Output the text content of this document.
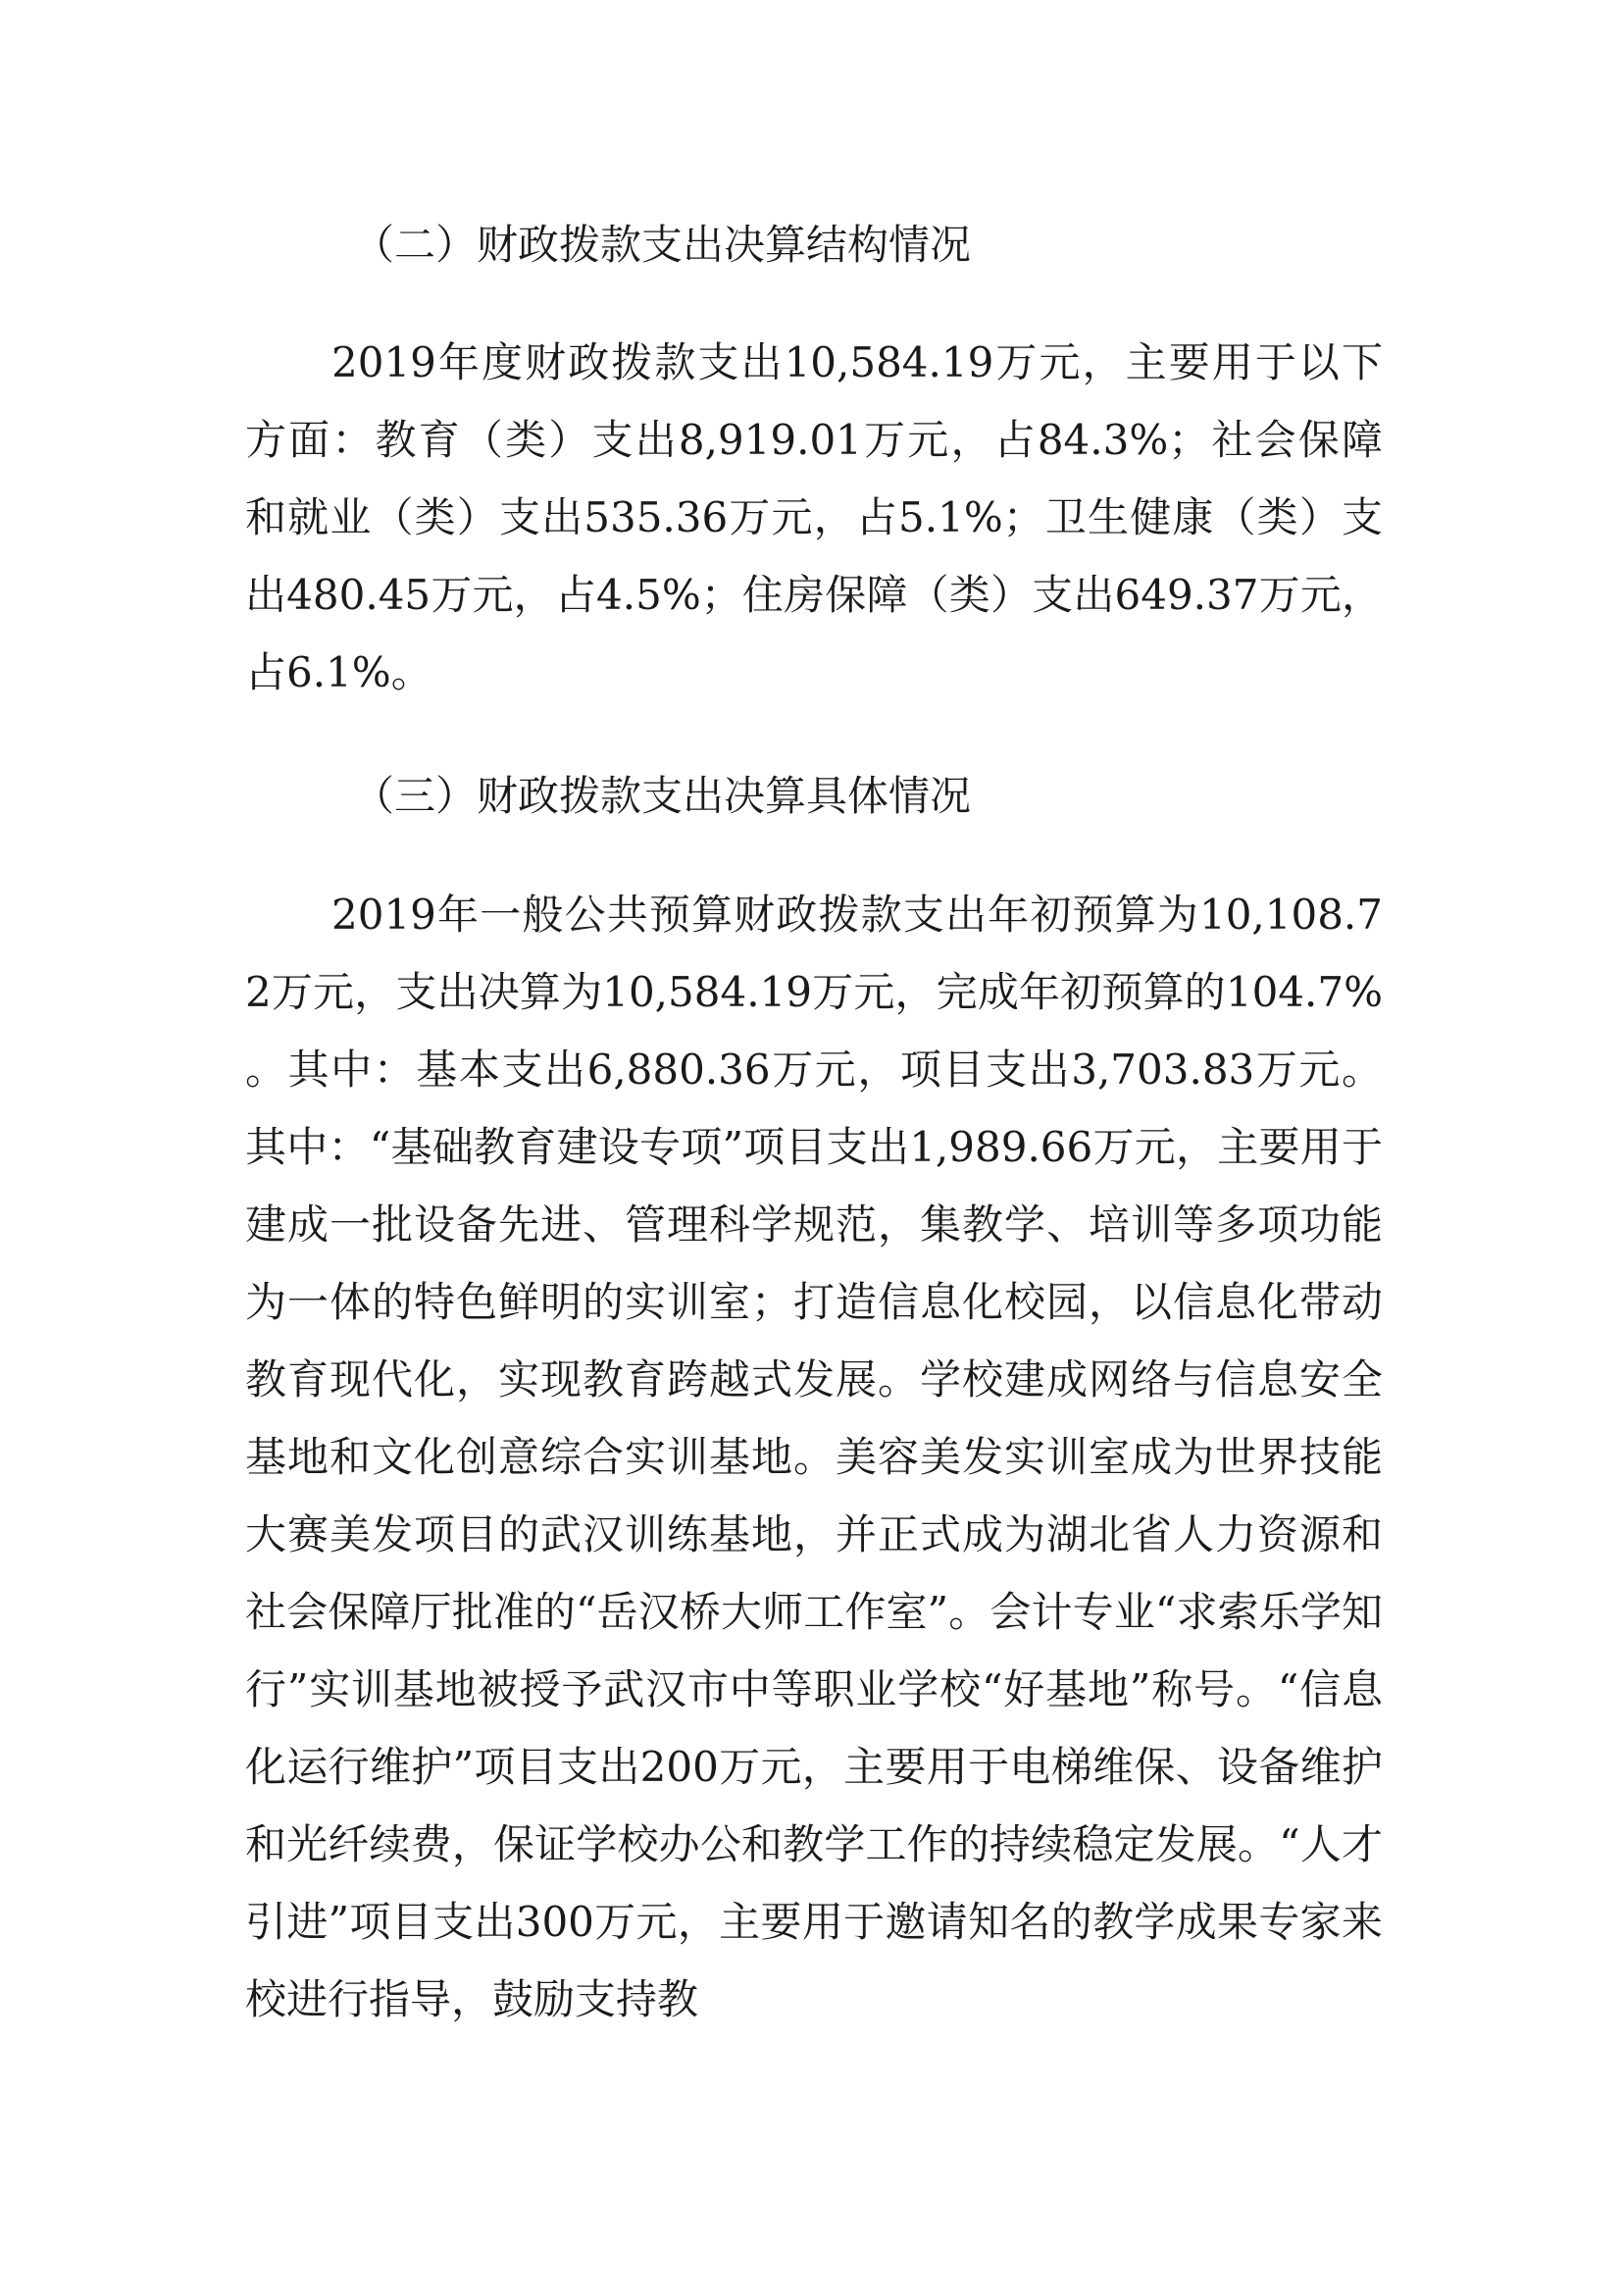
（二）财政拨款支出决算结构情况

2019年度财政拨款支出10,584.19万元，主要用于以下方面：教育（类）支出8,919.01万元，占84.3%；社会保障和就业（类）支出535.36万元，占5.1%；卫生健康（类）支出480.45万元，占4.5%；住房保障（类）支出649.37万元，占6.1%。

（三）财政拨款支出决算具体情况

2019年一般公共预算财政拨款支出年初预算为10,108.72万元，支出决算为10,584.19万元，完成年初预算的104.7%。其中：基本支出6,880.36万元，项目支出3,703.83万元。其中：“基础教育建设专项”项目支出1,989.66万元，主要用于建成一批设备先进、管理科学规范，集教学、培训等多项功能为一体的特色鲜明的实训室；打造信息化校园，以信息化带动教育现代化，实现教育跨越式发展。学校建成网络与信息安全基地和文化创意综合实训基地。美容美发实训室成为世界技能大赛美发项目的武汉训练基地，并正式成为湖北省人力资源和社会保障厅批准的“岳汉桥大师工作室”。会计专业“求索乐学知行”实训基地被授予武汉市中等职业学校“好基地”称号。“信息化运行维护”项目支出200万元，主要用于电梯维保、设备维护和光纤续费，保证学校办公和教学工作的持续稳定发展。“人才引进”项目支出300万元，主要用于邀请知名的教学成果专家来校进行指导，鼓励支持教
